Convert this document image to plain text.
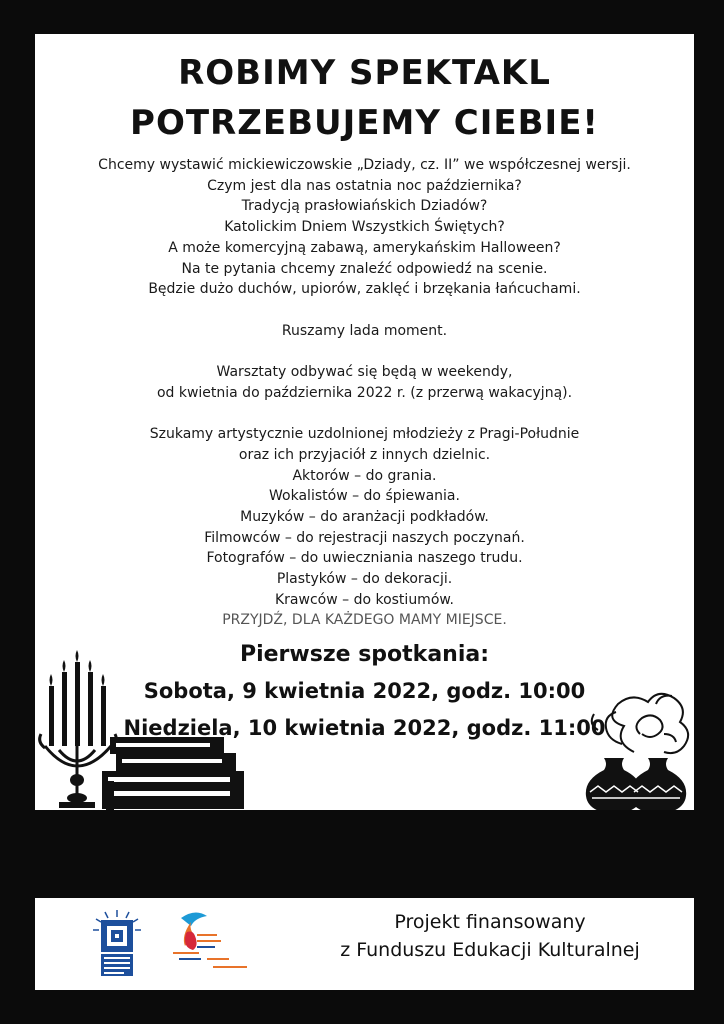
ROBIMY SPEKTAKL
POTRZEBUJEMY CIEBIE!
Chcemy wystawić mickiewiczowskie „Dziady, cz. II” we współczesnej wersji.
Czym jest dla nas ostatnia noc października?
Tradycją prasłowiańskich Dziadów?
Katolickim Dniem Wszystkich Świętych?
A może komercyjną zabawą, amerykańskim Halloween?
Na te pytania chcemy znaleźć odpowiedź na scenie.
Będzie dużo duchów, upiorów, zaklęć i brzękania łańcuchami.
Ruszamy lada moment.
Warsztaty odbywać się będą w weekendy,
od kwietnia do października 2022 r. (z przerwą wakacyjną).
Szukamy artystycznie uzdolnionej młodzieży z Pragi-Południe
oraz ich przyjaciół z innych dzielnic.
Aktorów – do grania.
Wokalistów – do śpiewania.
Muzyków – do aranżacji podkładów.
Filmowców – do rejestracji naszych poczynań.
Fotografów – do uwieczniania naszego trudu.
Plastyków – do dekoracji.
Krawców – do kostiumów.
PRZYJDŹ, DLA KAŻDEGO MAMY MIEJSCE.
Pierwsze spotkania:
Sobota, 9 kwietnia 2022, godz. 10:00
Niedziela, 10 kwietnia 2022, godz. 11:00
Projekt finansowany
z Funduszu Edukacji Kulturalnej
